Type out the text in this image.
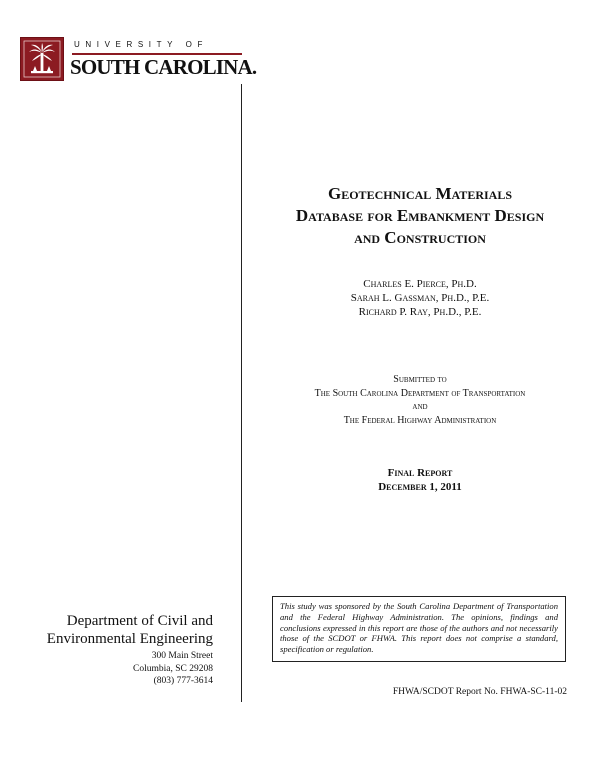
UNIVERSITY OF
SOUTH CAROLINA.
Geotechnical Materials
Database for Embankment Design
and Construction
Charles E. Pierce, Ph.D.
Sarah L. Gassman, Ph.D., P.E.
Richard P. Ray, Ph.D., P.E.
Submitted to
The South Carolina Department of Transportation
and
The Federal Highway Administration
Final Report
December 1, 2011
This study was sponsored by the South Carolina Department of Transportation and the Federal Highway Administration. The opinions, findings and conclusions expressed in this report are those of the authors and not necessarily those of the SCDOT or FHWA. This report does not comprise a standard, specification or regulation.
FHWA/SCDOT Report No. FHWA-SC-11-02
Department of Civil and
Environmental Engineering
300 Main Street
Columbia, SC 29208
(803) 777-3614
